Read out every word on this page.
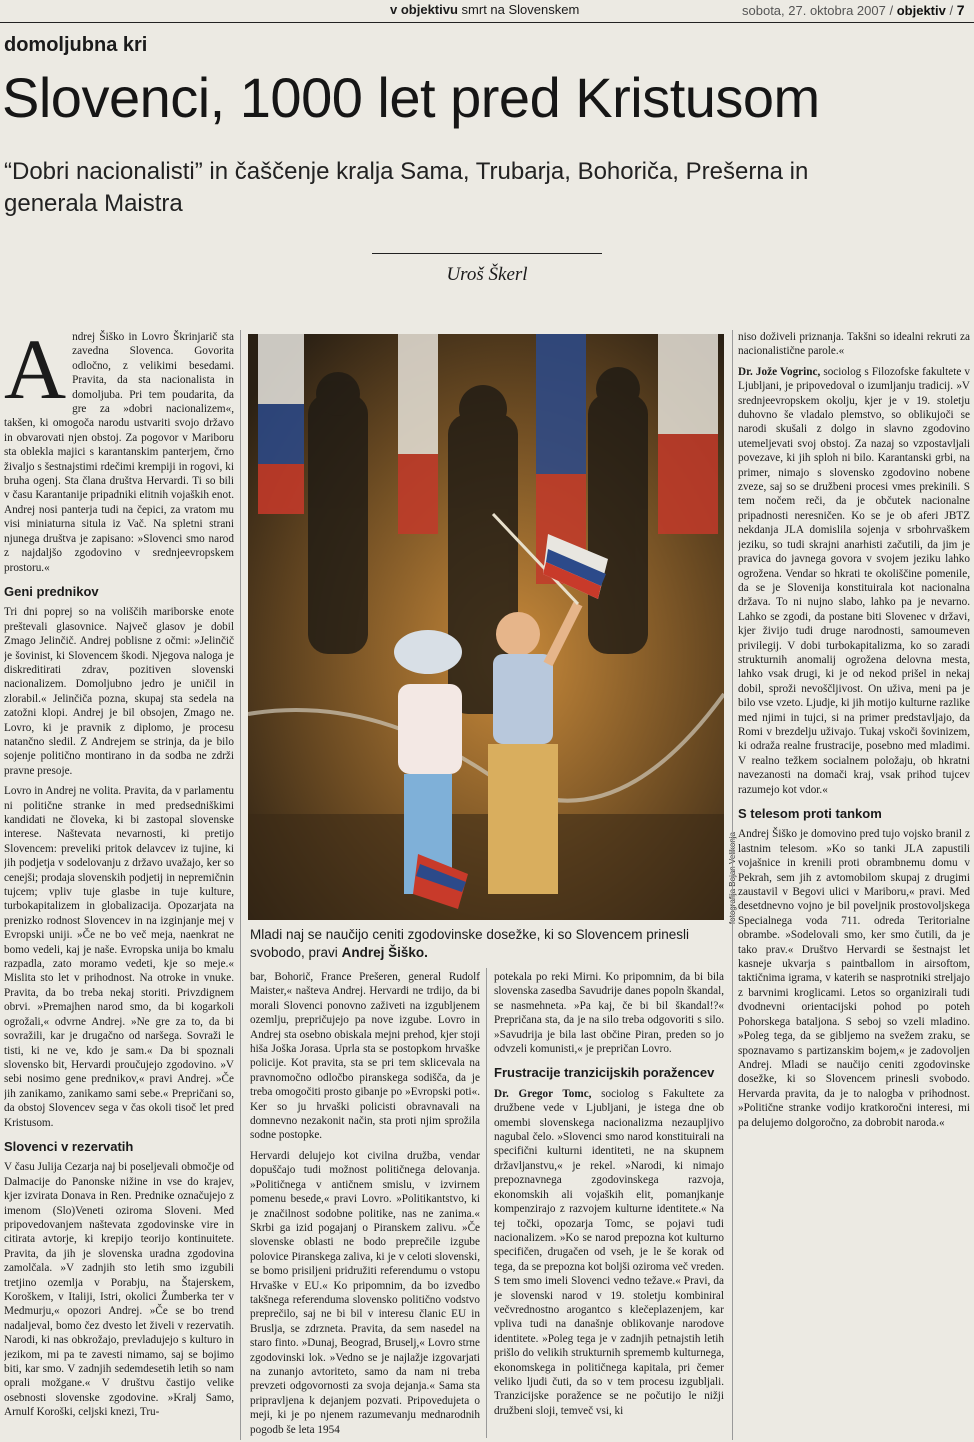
v objektivu smrt na Slovenskem	sobota, 27. oktobra 2007 / objektiv / 7
domoljubna kri
Slovenci, 1000 let pred Kristusom
“Dobri nacionalisti” in čaščenje kralja Sama, Trubarja, Bohoriča, Prešerna in generala Maistra
Uroš Škerl

Andrej Šiško in Lovro Škrinjarič sta zavedna Slovenca. Govorita odločno, z velikimi besedami. Pravita, da sta nacionalista in domoljuba. Pri tem poudarita, da gre za »dobri nacionalizem«, takšen, ki omogoča narodu ustvariti svojo državo in obvarovati njen obstoj. Za pogovor v Mariboru sta oblekla majici s karantanskim panterjem, črno živaljo s šestnajstimi rdečimi krempiji in rogovi, ki bruha ogenj. Sta člana društva Hervardi. Ti so bili v času Karantanije pripadniki elitnih vojaških enot. Andrej nosi panterja tudi na čepici, za vratom mu visi miniaturna situla iz Vač. Na spletni strani njunega društva je zapisano: »Slovenci smo narod z najdaljšo zgodovino v srednjeevropskem prostoru.«

Geni prednikov

Tri dni poprej so na voliščih mariborske enote preštevali glasovnice. Največ glasov je dobil Zmago Jelinčič. Andrej poblisne z očmi: »Jelinčič je šovinist, ki Slovencem škodi. Njegova naloga je diskreditirati zdrav, pozitiven slovenski nacionalizem. Domoljubno jedro je uničil in zlorabil.« Jelinčiča pozna, skupaj sta sedela na zatožni klopi. Andrej je bil obsojen, Zmago ne. Lovro, ki je pravnik z diplomo, je procesu natančno sledil. Z Andrejem se strinja, da je bilo sojenje politično montirano in da sodba ne zdrži pravne presoje.

Lovro in Andrej ne volita. Pravita, da v parlamentu ni politične stranke in med predsedniškimi kandidati ne človeka, ki bi zastopal slovenske interese. Naštevata nevarnosti, ki pretijo Slovencem: preveliki pritok delavcev iz tujine, ki jih podjetja v sodelovanju z državo uvažajo, ker so cenejši; prodaja slovenskih podjetij in nepremičnin tujcem; vpliv tuje glasbe in tuje kulture, turbokapitalizem in globalizacija. Opozarjata na prenizko rodnost Slovencev in na izginjanje mej v Evropski uniji. »Če ne bo več meja, naenkrat ne bomo vedeli, kaj je naše. Evropska unija bo kmalu razpadla, zato moramo vedeti, kje so meje.« Mislita sto let v prihodnost. Na otroke in vnuke. Pravita, da bo treba nekaj storiti. Privzdignem obrvi. »Premajhen narod smo, da bi kogarkoli ogrožali,« odvrne Andrej. »Ne gre za to, da bi sovražili, kar je drugačno od naršega. Sovraži le tisti, ki ne ve, kdo je sam.« Da bi spoznali slovensko bit, Hervardi proučujejo zgodovino. »V sebi nosimo gene prednikov,« pravi Andrej. »Če jih zanikamo, zanikamo sami sebe.« Prepričani so, da obstoj Slovencev sega v čas okoli tisoč let pred Kristusom.

Slovenci v rezervatih

V času Julija Cezarja naj bi poseljevali območje od Dalmacije do Panonske nižine in vse do krajev, kjer izvirata Donava in Ren. Prednike označujejo z imenom (Slo)Veneti oziroma Sloveni. Med pripovedovanjem naštevata zgodovinske vire in citirata avtorje, ki krepijo teorijo kontinuitete. Pravita, da jih je slovenska uradna zgodovina zamolčala. »V zadnjih sto letih smo izgubili tretjino ozemlja v Porabju, na Štajerskem, Koroškem, v Italiji, Istri, okolici Žumberka ter v Medmurju,« opozori Andrej. »Če se bo trend nadaljeval, bomo čez dvesto let živeli v rezervatih. Narodi, ki nas obkrožajo, prevladujejo s kulturo in jezikom, mi pa te zavesti nimamo, saj se bojimo biti, kar smo. V zadnjih sedemdesetih letih so nam oprali možgane.« V društvu častijo velike osebnosti slovenske zgodovine. »Kralj Samo, Arnulf Koroški, celjski knezi, Tru-

Mladi naj se naučijo ceniti zgodovinske dosežke, ki so Slovencem prinesli svobodo, pravi Andrej Šiško.

bar, Bohorič, France Prešeren, general Rudolf Maister,« našteva Andrej. Hervardi ne trdijo, da bi morali Slovenci ponovno zaživeti na izgubljenem ozemlju, prepričujejo pa nove izgube. Lovro in Andrej sta osebno obiskala mejni prehod, kjer stoji hiša Joška Jorasa. Uprla sta se postopkom hrvaške policije. Kot pravita, sta se pri tem sklicevala na pravnomočno odločbo piranskega sodišča, da je treba omogočiti prosto gibanje po »Evropski poti«. Ker so ju hrvaški policisti obravnavali na domnevno nezakonit način, sta proti njim sprožila sodne postopke.

Hervardi delujejo kot civilna družba, vendar dopuščajo tudi možnost političnega delovanja. »Političnega v antičnem smislu, v izvirnem pomenu besede,« pravi Lovro. »Politikantstvo, ki je značilnost sodobne politike, nas ne zanima.« Skrbi ga izid pogajanj o Piranskem zalivu. »Če slovenske oblasti ne bodo preprečile izgube polovice Piranskega zaliva, ki je v celoti slovenski, se bomo prisiljeni pridružiti referendumu o vstopu Hrvaške v EU.« Ko pripomnim, da bo izvedbo takšnega referenduma slovensko politično vodstvo preprečilo, saj ne bi bil v interesu članic EU in Bruslja, se zdrzneta. Pravita, da sem nasedel na staro finto. »Dunaj, Beograd, Bruselj,« Lovro strne zgodovinski lok. »Vedno se je najlažje izgovarjati na zunanjo avtoriteto, samo da nam ni treba prevzeti odgovornosti za svoja dejanja.« Sama sta pripravljena k dejanjem pozvati. Pripovedujeta o meji, ki je po njenem razumevanju mednarodnih pogodb še leta 1954

potekala po reki Mirni. Ko pripomnim, da bi bila slovenska zasedba Savudrije danes popoln škandal, se nasmehneta. »Pa kaj, če bi bil škandal!?« Prepričana sta, da je na silo treba odgovoriti s silo. »Savudrija je bila last občine Piran, preden so jo odvzeli komunisti,« je prepričan Lovro.

Frustracije tranzicijskih poražencev

Dr. Gregor Tomc, sociolog s Fakultete za družbene vede v Ljubljani, je istega dne ob omembi slovenskega nacionalizma nezaupljivo nagubal čelo. »Slovenci smo narod konstituirali na specifični kulturni identiteti, ne na skupnem državljanstvu,« je rekel. »Narodi, ki nimajo prepoznavnega zgodovinskega razvoja, ekonomskih ali vojaških elit, pomanjkanje kompenzirajo z razvojem kulturne identitete.« Na tej točki, opozarja Tomc, se pojavi tudi nacionalizem. »Ko se narod prepozna kot kulturno specifičen, drugačen od vseh, je le še korak od tega, da se prepozna kot boljši oziroma več vreden. S tem smo imeli Slovenci vedno težave.« Pravi, da je slovenski narod v 19. stoletju kombiniral večvrednostno arogantco s klečeplazenjem, kar vpliva tudi na današnje oblikovanje narodove identitete. »Poleg tega je v zadnjih petnajstih letih prišlo do velikih strukturnih sprememb kulturnega, ekonomskega in političnega kapitala, pri čemer veliko ljudi čuti, da so v tem procesu izgubljali. Tranzicijske poražence se ne počutijo le nižji družbeni sloji, temveč vsi, ki

niso doživeli priznanja. Takšni so idealni rekruti za nacionalistične parole.«

Dr. Jože Vogrinc, sociolog s Filozofske fakultete v Ljubljani, je pripovedoval o izumljanju tradicij. »V srednjeevropskem okolju, kjer je v 19. stoletju duhovno še vladalo plemstvo, so oblikujoči se narodi skušali z dolgo in slavno zgodovino utemeljevati svoj obstoj. Za nazaj so vzpostavljali povezave, ki jih sploh ni bilo. Karantanski grbi, na primer, nimajo s slovensko zgodovino nobene zveze, saj so se družbeni procesi vmes prekinili. S tem nočem reči, da je občutek nacionalne pripadnosti neresničen. Ko se je ob aferi JBTZ nekdanja JLA domislila sojenja v srbohrvaškem jeziku, so tudi skrajni anarhisti začutili, da jim je pravica do javnega govora v svojem jeziku lahko ogrožena. Vendar so hkrati te okoliščine pomenile, da se je Slovenija konstituirala kot nacionalna država. To ni nujno slabo, lahko pa je nevarno. Lahko se zgodi, da postane biti Slovenec v državi, kjer živijo tudi druge narodnosti, samoumeven privilegij. V dobi turbokapitalizma, ko so zaradi strukturnih anomalij ogrožena delovna mesta, lahko vsak drugi, ki je od nekod prišel in nekaj dobil, sproži nevoščljivost. On uživa, meni pa je bilo vse vzeto. Ljudje, ki jih motijo kulturne razlike med njimi in tujci, si na primer predstavljajo, da Romi v brezdelju uživajo. Tukaj vskoči šovinizem, ki odraža realne frustracije, posebno med mladimi. V realno težkem socialnem položaju, ob hkratni navezanosti na domači kraj, vsak prihod tujcev razumejo kot vdor.«

S telesom proti tankom

Andrej Šiško je domovino pred tujo vojsko branil z lastnim telesom. »Ko so tanki JLA zapustili vojašnice in krenili proti obrambnemu domu v Pekrah, sem jih z avtomobilom skupaj z drugimi zaustavil v Begovi ulici v Mariboru,« pravi. Med desetdnevno vojno je bil poveljnik prostovoljskega Specialnega voda 711. odreda Teritorialne obrambe. »Sodelovali smo, ker smo čutili, da je tako prav.« Društvo Hervardi se šestnajst let kasneje ukvarja s paintballom in airsoftom, taktičnima igrama, v katerih se nasprotniki streljajo z barvnimi kroglicami. Letos so organizirali tudi dvodnevni orientacijski pohod po poteh Pohorskega bataljona. S seboj so vzeli mladino. »Poleg tega, da se gibljemo na svežem zraku, se spoznavamo s partizanskim bojem,« je zadovoljen Andrej. Mladi se naučijo ceniti zgodovinske dosežke, ki so Slovencem prinesli svobodo. Hervarda pravita, da je to nalogba v prihodnost. »Politične stranke vodijo kratkoročni interesi, mi pa delujemo dolgoročno, za dobrobit naroda.«
